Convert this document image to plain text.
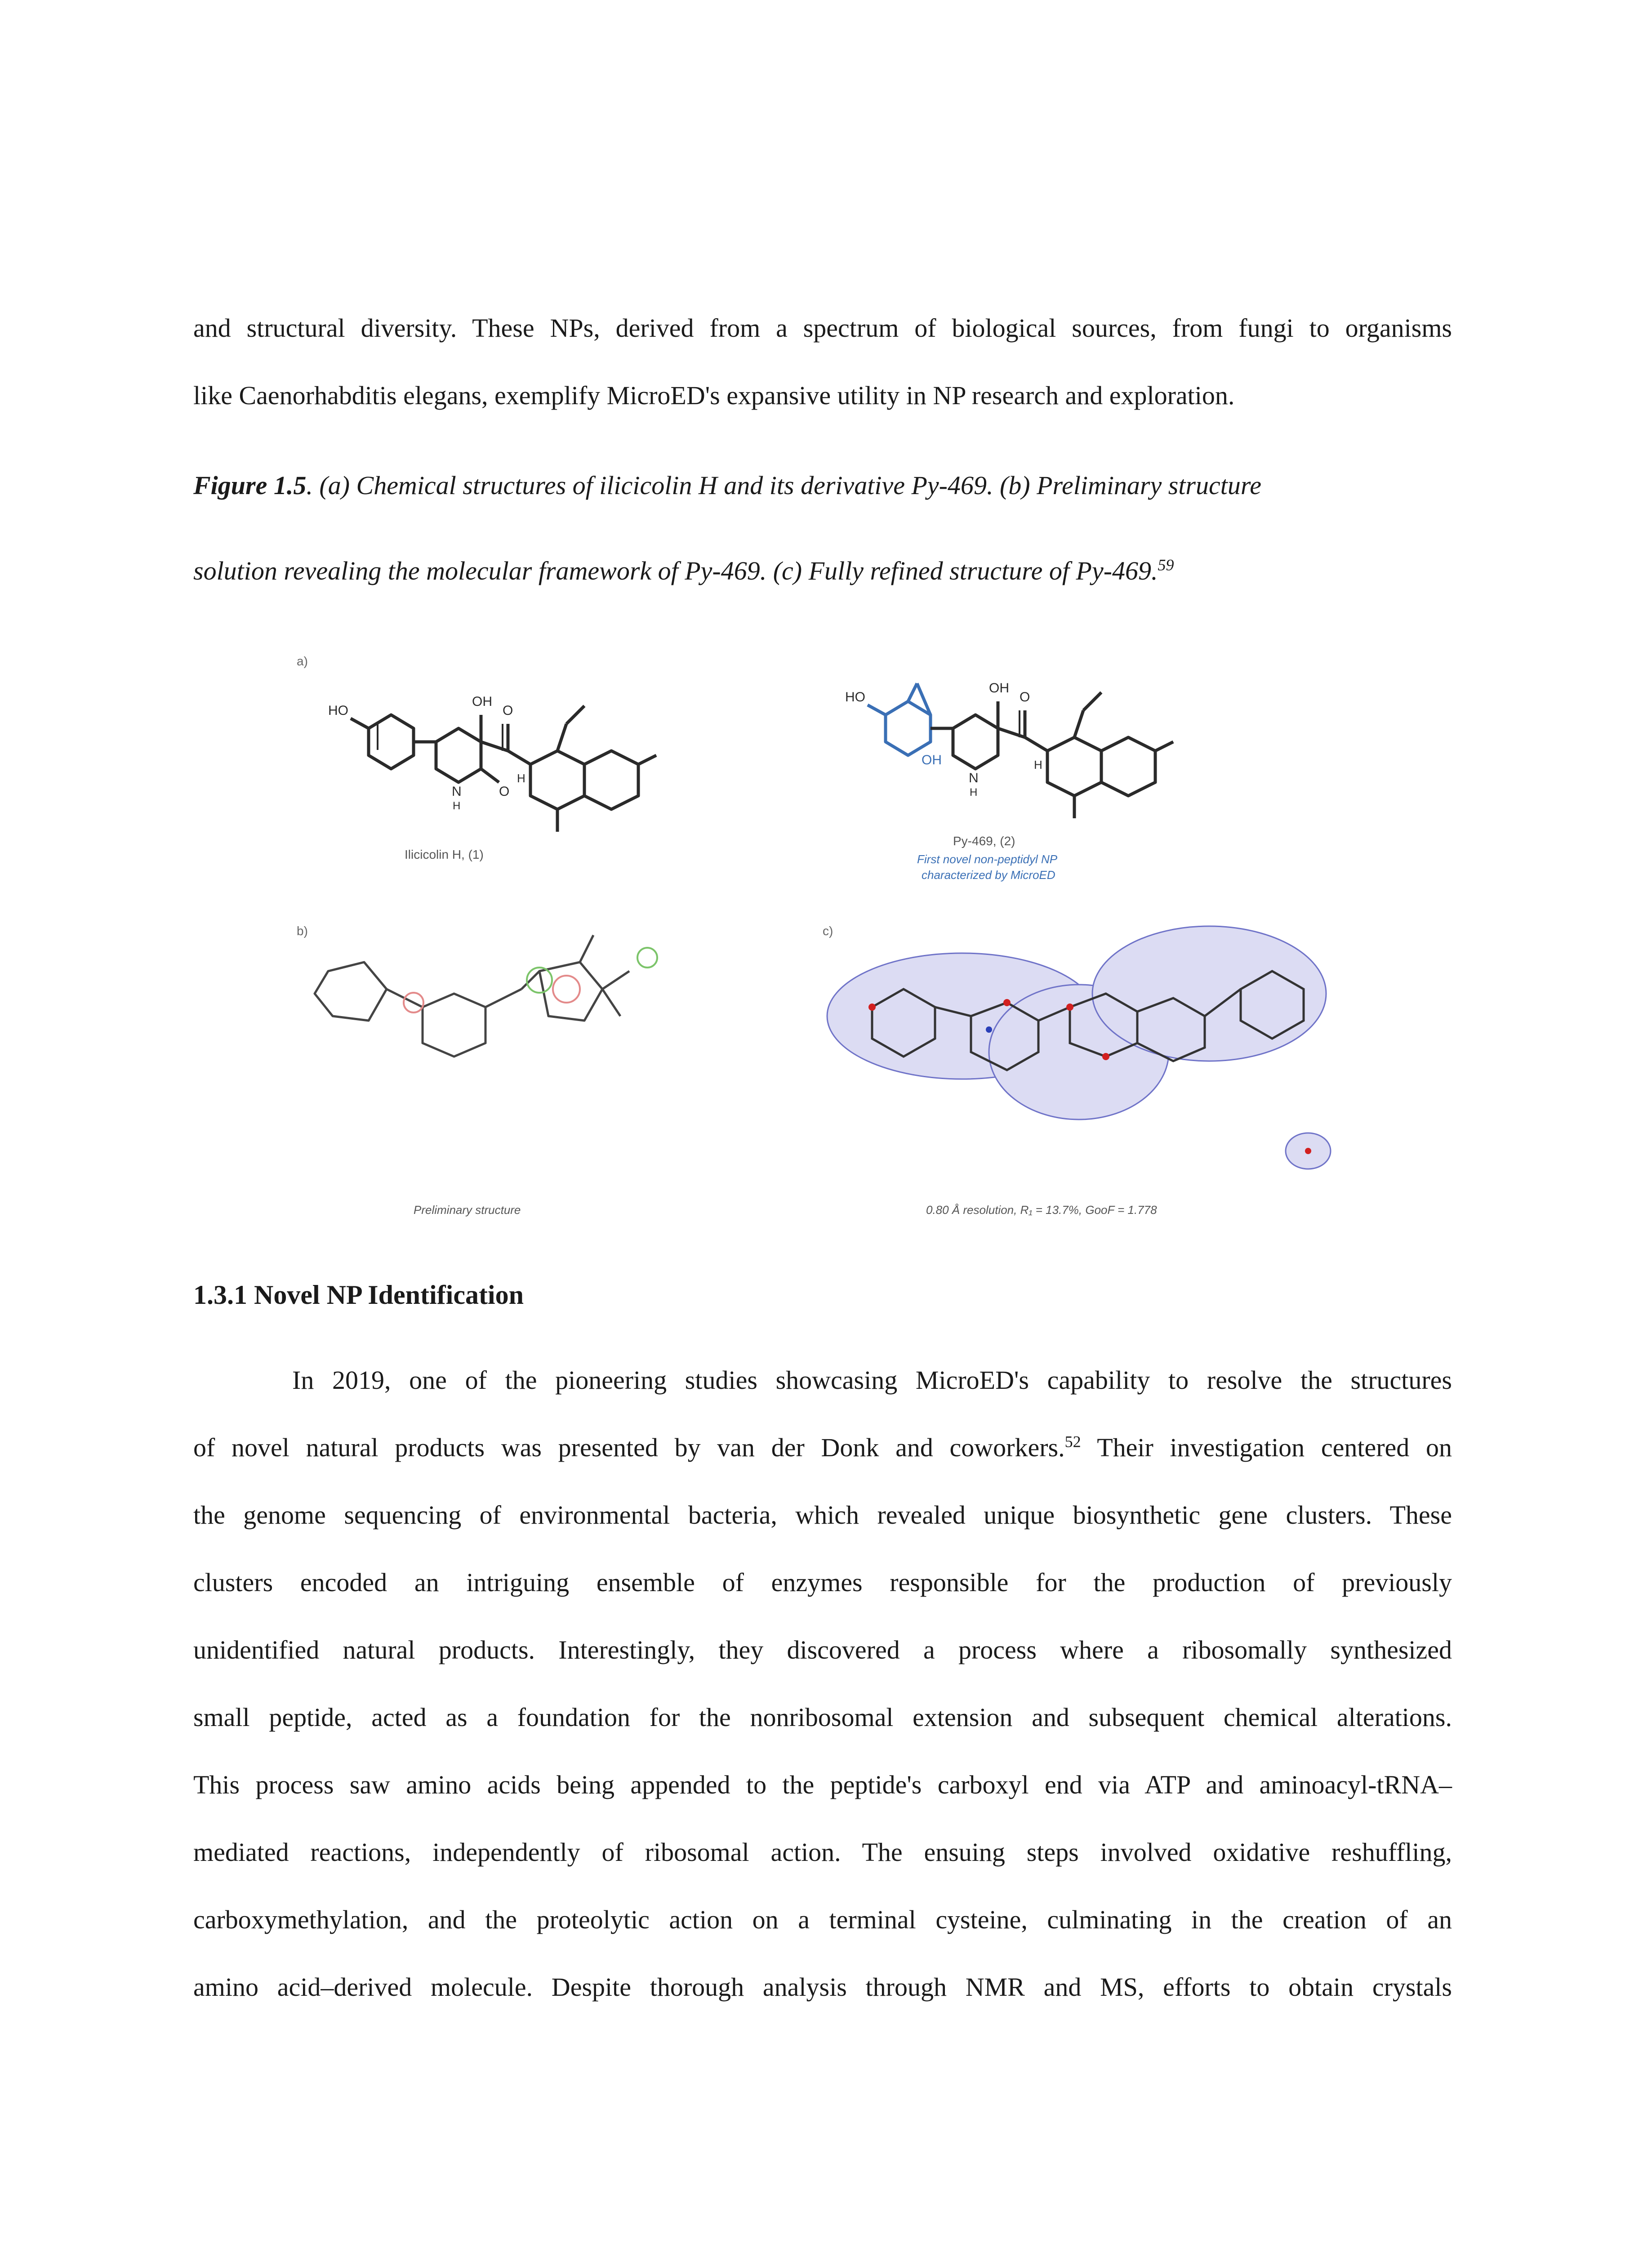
and structural diversity. These NPs, derived from a spectrum of biological sources, from fungi to organisms
like Caenorhabditis elegans, exemplify MicroED's expansive utility in NP research and exploration.
Figure 1.5. (a) Chemical structures of ilicicolin H and its derivative Py-469. (b) Preliminary structure
solution revealing the molecular framework of Py-469. (c) Fully refined structure of Py-469.59
a)
b)	c)
HO
OH
O
N
H
H
O
Ilicicolin H, (1)
HO
OH
OH
O
N
H
H
Py-469, (2)
First novel non-peptidyl NP
characterized by MicroED
Preliminary structure	0.80 Å resolution, R₁ = 13.7%, GooF = 1.778
1.3.1 Novel NP Identification
In 2019, one of the pioneering studies showcasing MicroED's capability to resolve the structures
of novel natural products was presented by van der Donk and coworkers.$^{52}$ Their investigation centered on
the genome sequencing of environmental bacteria, which revealed unique biosynthetic gene clusters. These
clusters encoded an intriguing ensemble of enzymes responsible for the production of previously
unidentified natural products. Interestingly, they discovered a process where a ribosomally synthesized
small peptide, acted as a foundation for the nonribosomal extension and subsequent chemical alterations.
This process saw amino acids being appended to the peptide's carboxyl end via ATP and aminoacyl-tRNA–
mediated reactions, independently of ribosomal action. The ensuing steps involved oxidative reshuffling,
carboxymethylation, and the proteolytic action on a terminal cysteine, culminating in the creation of an
amino acid–derived molecule. Despite thorough analysis through NMR and MS, efforts to obtain crystals
